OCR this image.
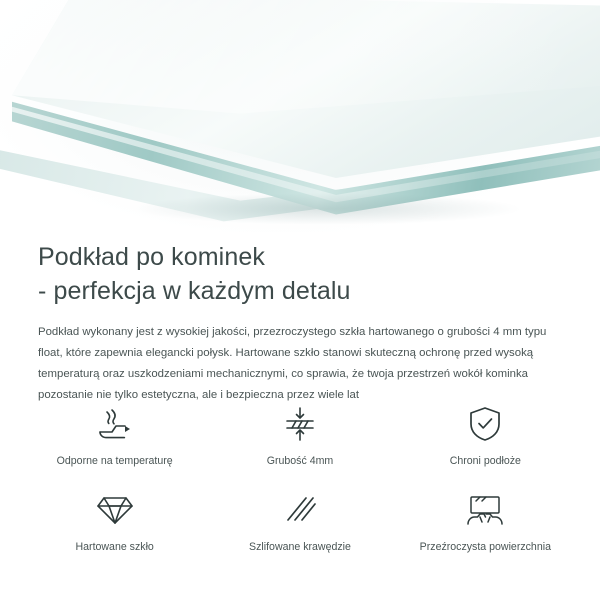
Podkład po kominek
- perfekcja w każdym detalu

Podkład wykonany jest z wysokiej jakości, przezroczystego szkła hartowanego o grubości 4 mm typu float, które zapewnia elegancki połysk. Hartowane szkło stanowi skuteczną ochronę przed wysoką temperaturą oraz uszkodzeniami mechanicznymi, co sprawia, że twoja przestrzeń wokół kominka pozostanie nie tylko estetyczna, ale i bezpieczna przez wiele lat

Odporne na temperaturę	Grubość 4mm	Chroni podłoże
Hartowane szkło	Szlifowane krawędzie	Przeźroczysta powierzchnia
